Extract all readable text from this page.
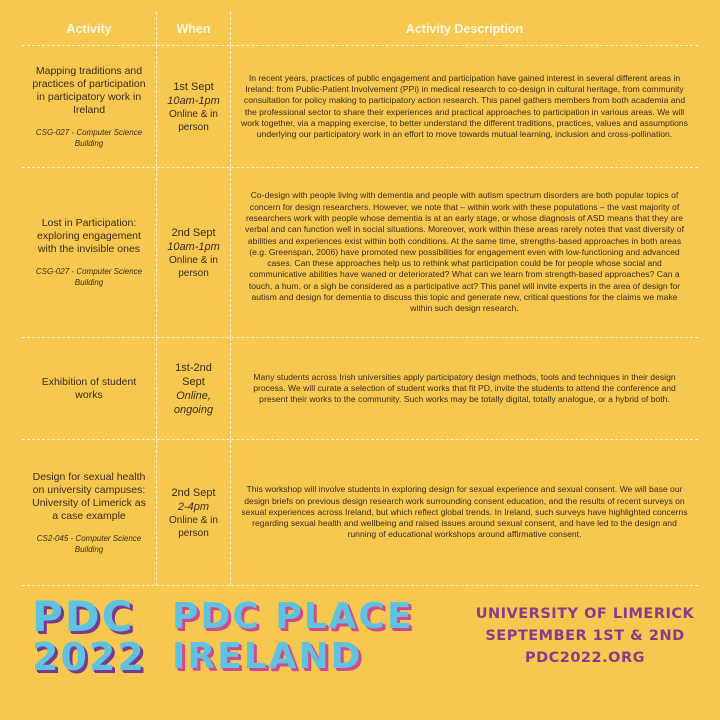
Activity	When	Activity Description
Mapping traditions and practices of participation in participatory work in Ireland
CSG-027 - Computer Science Building
1st Sept
10am-1pm
Online & in person
In recent years, practices of public engagement and participation have gained interest in several different areas in Ireland: from Public-Patient Involvement (PPi) in medical research to co-design in cultural heritage, from community consultation for policy making to participatory action research. This panel gathers members from both academia and the professional sector to share their experiences and practical approaches to participation in various areas. We will work together, via a mapping exercise, to better understand the different traditions, practices, values and assumptions underlying our participatory work in an effort to move towards mutual learning, inclusion and cross-pollination.
Lost in Participation: exploring engagement with the invisible ones
CSG-027 - Computer Science Building
2nd Sept
10am-1pm
Online & in person
Co-design with people living with dementia and people with autism spectrum disorders are both popular topics of concern for design researchers. However, we note that – within work with these populations – the vast majority of researchers work with people whose dementia is at an early stage, or whose diagnosis of ASD means that they are verbal and can function well in social situations. Moreover, work within these areas rarely notes that vast diversity of abilities and experiences exist within both conditions. At the same time, strengths-based approaches in both areas (e.g. Greenspan, 2006) have promoted new possibilities for engagement even with low-functioning and advanced cases. Can these approaches help us to rethink what participation could be for people whose social and communicative abilities have waned or deteriorated? What can we learn from strength-based approaches? Can a touch, a hum, or a sigh be considered as a participative act? This panel will invite experts in the area of design for autism and design for dementia to discuss this topic and generate new, critical questions for the claims we make within such design research.
Exhibition of student works
1st-2nd Sept
Online, ongoing
Many students across Irish universities apply participatory design methods, tools and techniques in their design process. We will curate a selection of student works that fit PD, invite the students to attend the conference and present their works to the community. Such works may be totally digital, totally analogue, or a hybrid of both.
Design for sexual health on university campuses: University of Limerick as a case example
CS2-045 - Computer Science Building
2nd Sept
2-4pm
Online & in person
This workshop will involve students in exploring design for sexual experience and sexual consent. We will base our design briefs on previous design research work surrounding consent education, and the results of recent surveys on sexual experiences across Ireland, but which reflect global trends. In Ireland, such surveys have highlighted concerns regarding sexual health and wellbeing and raised issues around sexual consent, and have led to the design and running of educational workshops around affirmative consent.
PDC
2022
PDC PLACE
IRELAND
UNIVERSITY OF LIMERICK
SEPTEMBER 1ST & 2ND
PDC2022.ORG
